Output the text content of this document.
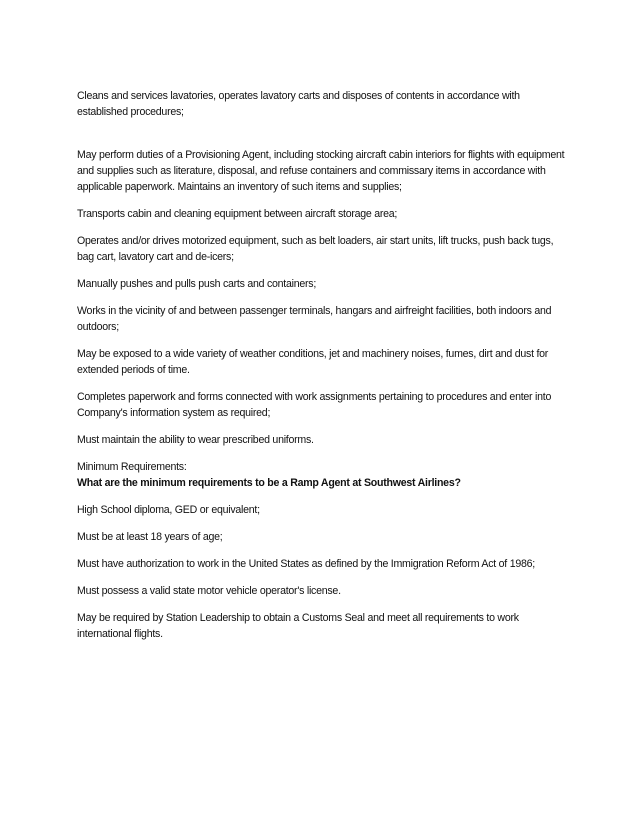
Cleans and services lavatories, operates lavatory carts and disposes of contents in accordance with established procedures;

May perform duties of a Provisioning Agent, including stocking aircraft cabin interiors for flights with equipment and supplies such as literature, disposal, and refuse containers and commissary items in accordance with applicable paperwork. Maintains an inventory of such items and supplies;

Transports cabin and cleaning equipment between aircraft storage area;

Operates and/or drives motorized equipment, such as belt loaders, air start units, lift trucks, push back tugs, bag cart, lavatory cart and de-icers;

Manually pushes and pulls push carts and containers;

Works in the vicinity of and between passenger terminals, hangars and airfreight facilities, both indoors and outdoors;

May be exposed to a wide variety of weather conditions, jet and machinery noises, fumes, dirt and dust for extended periods of time.

Completes paperwork and forms connected with work assignments pertaining to procedures and enter into Company's information system as required;

Must maintain the ability to wear prescribed uniforms.

Minimum Requirements:

What are the minimum requirements to be a Ramp Agent at Southwest Airlines?

High School diploma, GED or equivalent;

Must be at least 18 years of age;

Must have authorization to work in the United States as defined by the Immigration Reform Act of 1986;

Must possess a valid state motor vehicle operator's license.

May be required by Station Leadership to obtain a Customs Seal and meet all requirements to work international flights.
